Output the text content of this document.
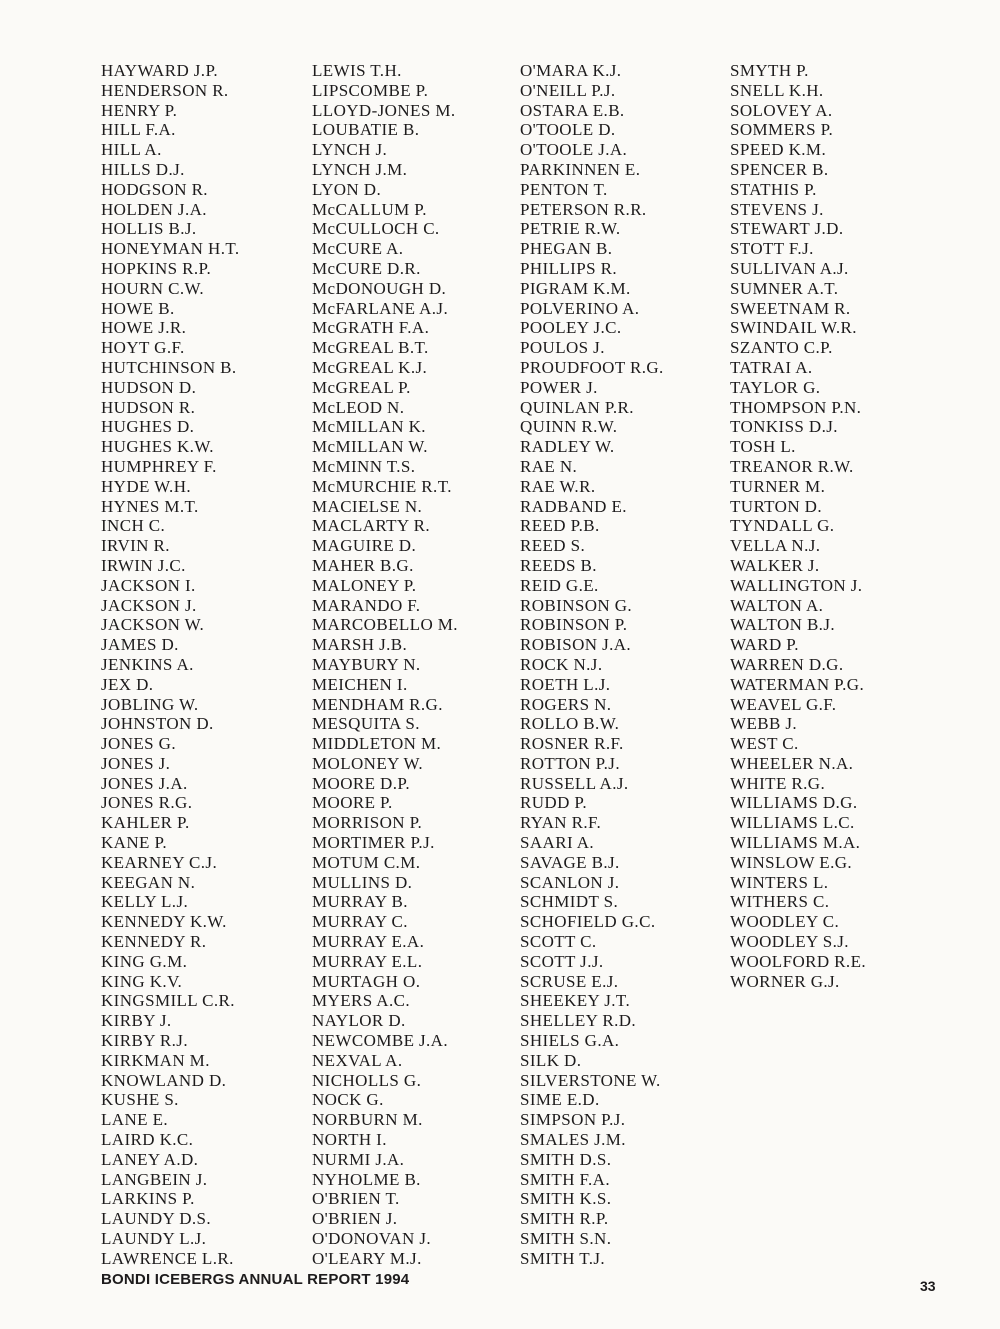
HAYWARD J.P.
HENDERSON R.
HENRY P.
HILL F.A.
HILL A.
HILLS D.J.
HODGSON R.
HOLDEN J.A.
HOLLIS B.J.
HONEYMAN H.T.
HOPKINS R.P.
HOURN C.W.
HOWE B.
HOWE J.R.
HOYT G.F.
HUTCHINSON B.
HUDSON D.
HUDSON R.
HUGHES D.
HUGHES K.W.
HUMPHREY F.
HYDE W.H.
HYNES M.T.
INCH C.
IRVIN R.
IRWIN J.C.
JACKSON I.
JACKSON J.
JACKSON W.
JAMES D.
JENKINS A.
JEX D.
JOBLING W.
JOHNSTON D.
JONES G.
JONES J.
JONES J.A.
JONES R.G.
KAHLER P.
KANE P.
KEARNEY C.J.
KEEGAN N.
KELLY L.J.
KENNEDY K.W.
KENNEDY R.
KING G.M.
KING K.V.
KINGSMILL C.R.
KIRBY J.
KIRBY R.J.
KIRKMAN M.
KNOWLAND D.
KUSHE S.
LANE E.
LAIRD K.C.
LANEY A.D.
LANGBEIN J.
LARKINS P.
LAUNDY D.S.
LAUNDY L.J.
LAWRENCE L.R.
LEWIS T.H.
LIPSCOMBE P.
LLOYD-JONES M.
LOUBATIE B.
LYNCH J.
LYNCH J.M.
LYON D.
McCALLUM P.
McCULLOCH C.
McCURE A.
McCURE D.R.
McDONOUGH D.
McFARLANE A.J.
McGRATH F.A.
McGREAL B.T.
McGREAL K.J.
McGREAL P.
McLEOD N.
McMILLAN K.
McMILLAN W.
McMINN T.S.
McMURCHIE R.T.
MACIELSE N.
MACLARTY R.
MAGUIRE D.
MAHER B.G.
MALONEY P.
MARANDO F.
MARCOBELLO M.
MARSH J.B.
MAYBURY N.
MEICHEN I.
MENDHAM R.G.
MESQUITA S.
MIDDLETON M.
MOLONEY W.
MOORE D.P.
MOORE P.
MORRISON P.
MORTIMER P.J.
MOTUM C.M.
MULLINS D.
MURRAY B.
MURRAY C.
MURRAY E.A.
MURRAY E.L.
MURTAGH O.
MYERS A.C.
NAYLOR D.
NEWCOMBE J.A.
NEXVAL A.
NICHOLLS G.
NOCK G.
NORBURN M.
NORTH I.
NURMI J.A.
NYHOLME B.
O'BRIEN T.
O'BRIEN J.
O'DONOVAN J.
O'LEARY M.J.
O'MARA K.J.
O'NEILL P.J.
OSTARA E.B.
O'TOOLE D.
O'TOOLE J.A.
PARKINNEN E.
PENTON T.
PETERSON R.R.
PETRIE R.W.
PHEGAN B.
PHILLIPS R.
PIGRAM K.M.
POLVERINO A.
POOLEY J.C.
POULOS J.
PROUDFOOT R.G.
POWER J.
QUINLAN P.R.
QUINN R.W.
RADLEY W.
RAE N.
RAE W.R.
RADBAND E.
REED P.B.
REED S.
REEDS B.
REID G.E.
ROBINSON G.
ROBINSON P.
ROBISON J.A.
ROCK N.J.
ROETH L.J.
ROGERS N.
ROLLO B.W.
ROSNER R.F.
ROTTON P.J.
RUSSELL A.J.
RUDD P.
RYAN R.F.
SAARI A.
SAVAGE B.J.
SCANLON J.
SCHMIDT S.
SCHOFIELD G.C.
SCOTT C.
SCOTT J.J.
SCRUSE E.J.
SHEEKEY J.T.
SHELLEY R.D.
SHIELS G.A.
SILK D.
SILVERSTONE W.
SIME E.D.
SIMPSON P.J.
SMALES J.M.
SMITH D.S.
SMITH F.A.
SMITH K.S.
SMITH R.P.
SMITH S.N.
SMITH T.J.
SMYTH P.
SNELL K.H.
SOLOVEY A.
SOMMERS P.
SPEED K.M.
SPENCER B.
STATHIS P.
STEVENS J.
STEWART J.D.
STOTT F.J.
SULLIVAN A.J.
SUMNER A.T.
SWEETNAM R.
SWINDAIL W.R.
SZANTO C.P.
TATRAI A.
TAYLOR G.
THOMPSON P.N.
TONKISS D.J.
TOSH L.
TREANOR R.W.
TURNER M.
TURTON D.
TYNDALL G.
VELLA N.J.
WALKER J.
WALLINGTON J.
WALTON A.
WALTON B.J.
WARD P.
WARREN D.G.
WATERMAN P.G.
WEAVEL G.F.
WEBB J.
WEST C.
WHEELER N.A.
WHITE R.G.
WILLIAMS D.G.
WILLIAMS L.C.
WILLIAMS M.A.
WINSLOW E.G.
WINTERS L.
WITHERS C.
WOODLEY C.
WOODLEY S.J.
WOOLFORD R.E.
WORNER G.J.
BONDI ICEBERGS ANNUAL REPORT 1994	33
